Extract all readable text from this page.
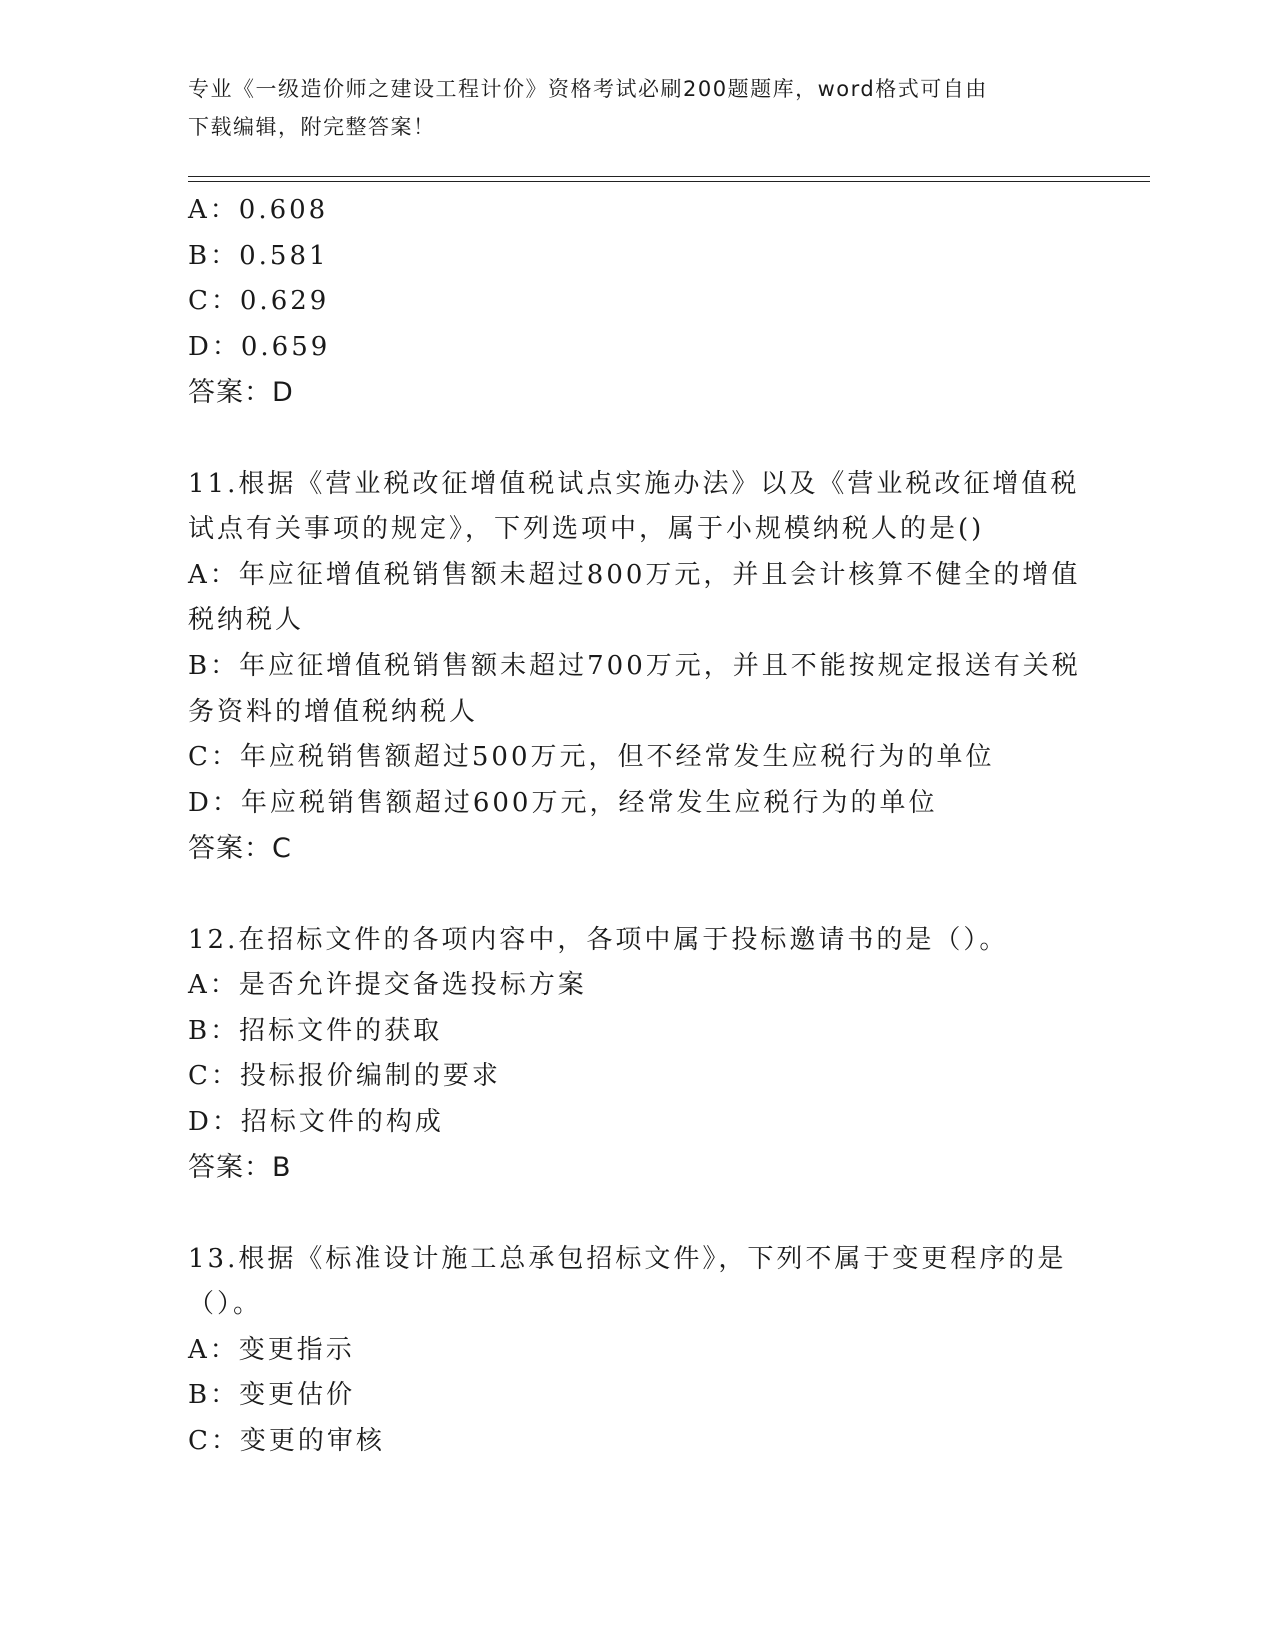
专业《一级造价师之建设工程计价》资格考试必刷200题题库，word格式可自由
下载编辑，附完整答案！
A：0.608
B：0.581
C：0.629
D：0.659
答案：D
11.根据《营业税改征增值税试点实施办法》以及《营业税改征增值税
试点有关事项的规定》，下列选项中，属于小规模纳税人的是()
A：年应征增值税销售额未超过800万元，并且会计核算不健全的增值
税纳税人
B：年应征增值税销售额未超过700万元，并且不能按规定报送有关税
务资料的增值税纳税人
C：年应税销售额超过500万元，但不经常发生应税行为的单位
D：年应税销售额超过600万元，经常发生应税行为的单位
答案：C
12.在招标文件的各项内容中，各项中属于投标邀请书的是（）。
A：是否允许提交备选投标方案
B：招标文件的获取
C：投标报价编制的要求
D：招标文件的构成
答案：B
13.根据《标准设计施工总承包招标文件》，下列不属于变更程序的是
（）。
A：变更指示
B：变更估价
C：变更的审核
